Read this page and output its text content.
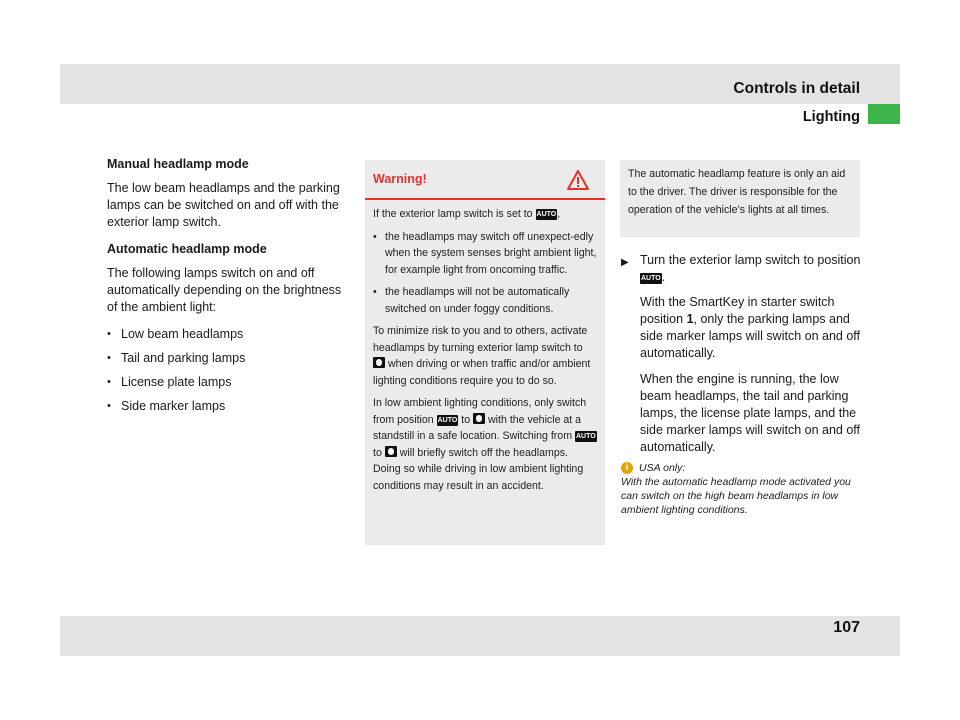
Controls in detail
Lighting
Manual headlamp mode

The low beam headlamps and the parking lamps can be switched on and off with the exterior lamp switch.

Automatic headlamp mode

The following lamps switch on and off automatically depending on the brightness of the ambient light:

• Low beam headlamps
• Tail and parking lamps
• License plate lamps
• Side marker lamps
Warning!

If the exterior lamp switch is set to AUTO,

• the headlamps may switch off unexpect-edly when the system senses bright ambient light, for example light from oncoming traffic.
• the headlamps will not be automatically switched on under foggy conditions.

To minimize risk to you and to others, activate headlamps by turning exterior lamp switch to  when driving or when traffic and/or ambient lighting conditions require you to do so.

In low ambient lighting conditions, only switch from position AUTO to with the vehicle at a standstill in a safe location. Switching from AUTO to will briefly switch off the headlamps. Doing so while driving in low ambient lighting conditions may result in an accident.

The automatic headlamp feature is only an aid to the driver. The driver is responsible for the operation of the vehicle’s lights at all times.

▶ Turn the exterior lamp switch to position AUTO.

With the SmartKey in starter switch position 1, only the parking lamps and side marker lamps will switch on and off automatically.

When the engine is running, the low beam headlamps, the tail and parking lamps, the license plate lamps, and the side marker lamps will switch on and off automatically.

i	USA only:
With the automatic headlamp mode activated you can switch on the high beam headlamps in low ambient lighting conditions.
107
